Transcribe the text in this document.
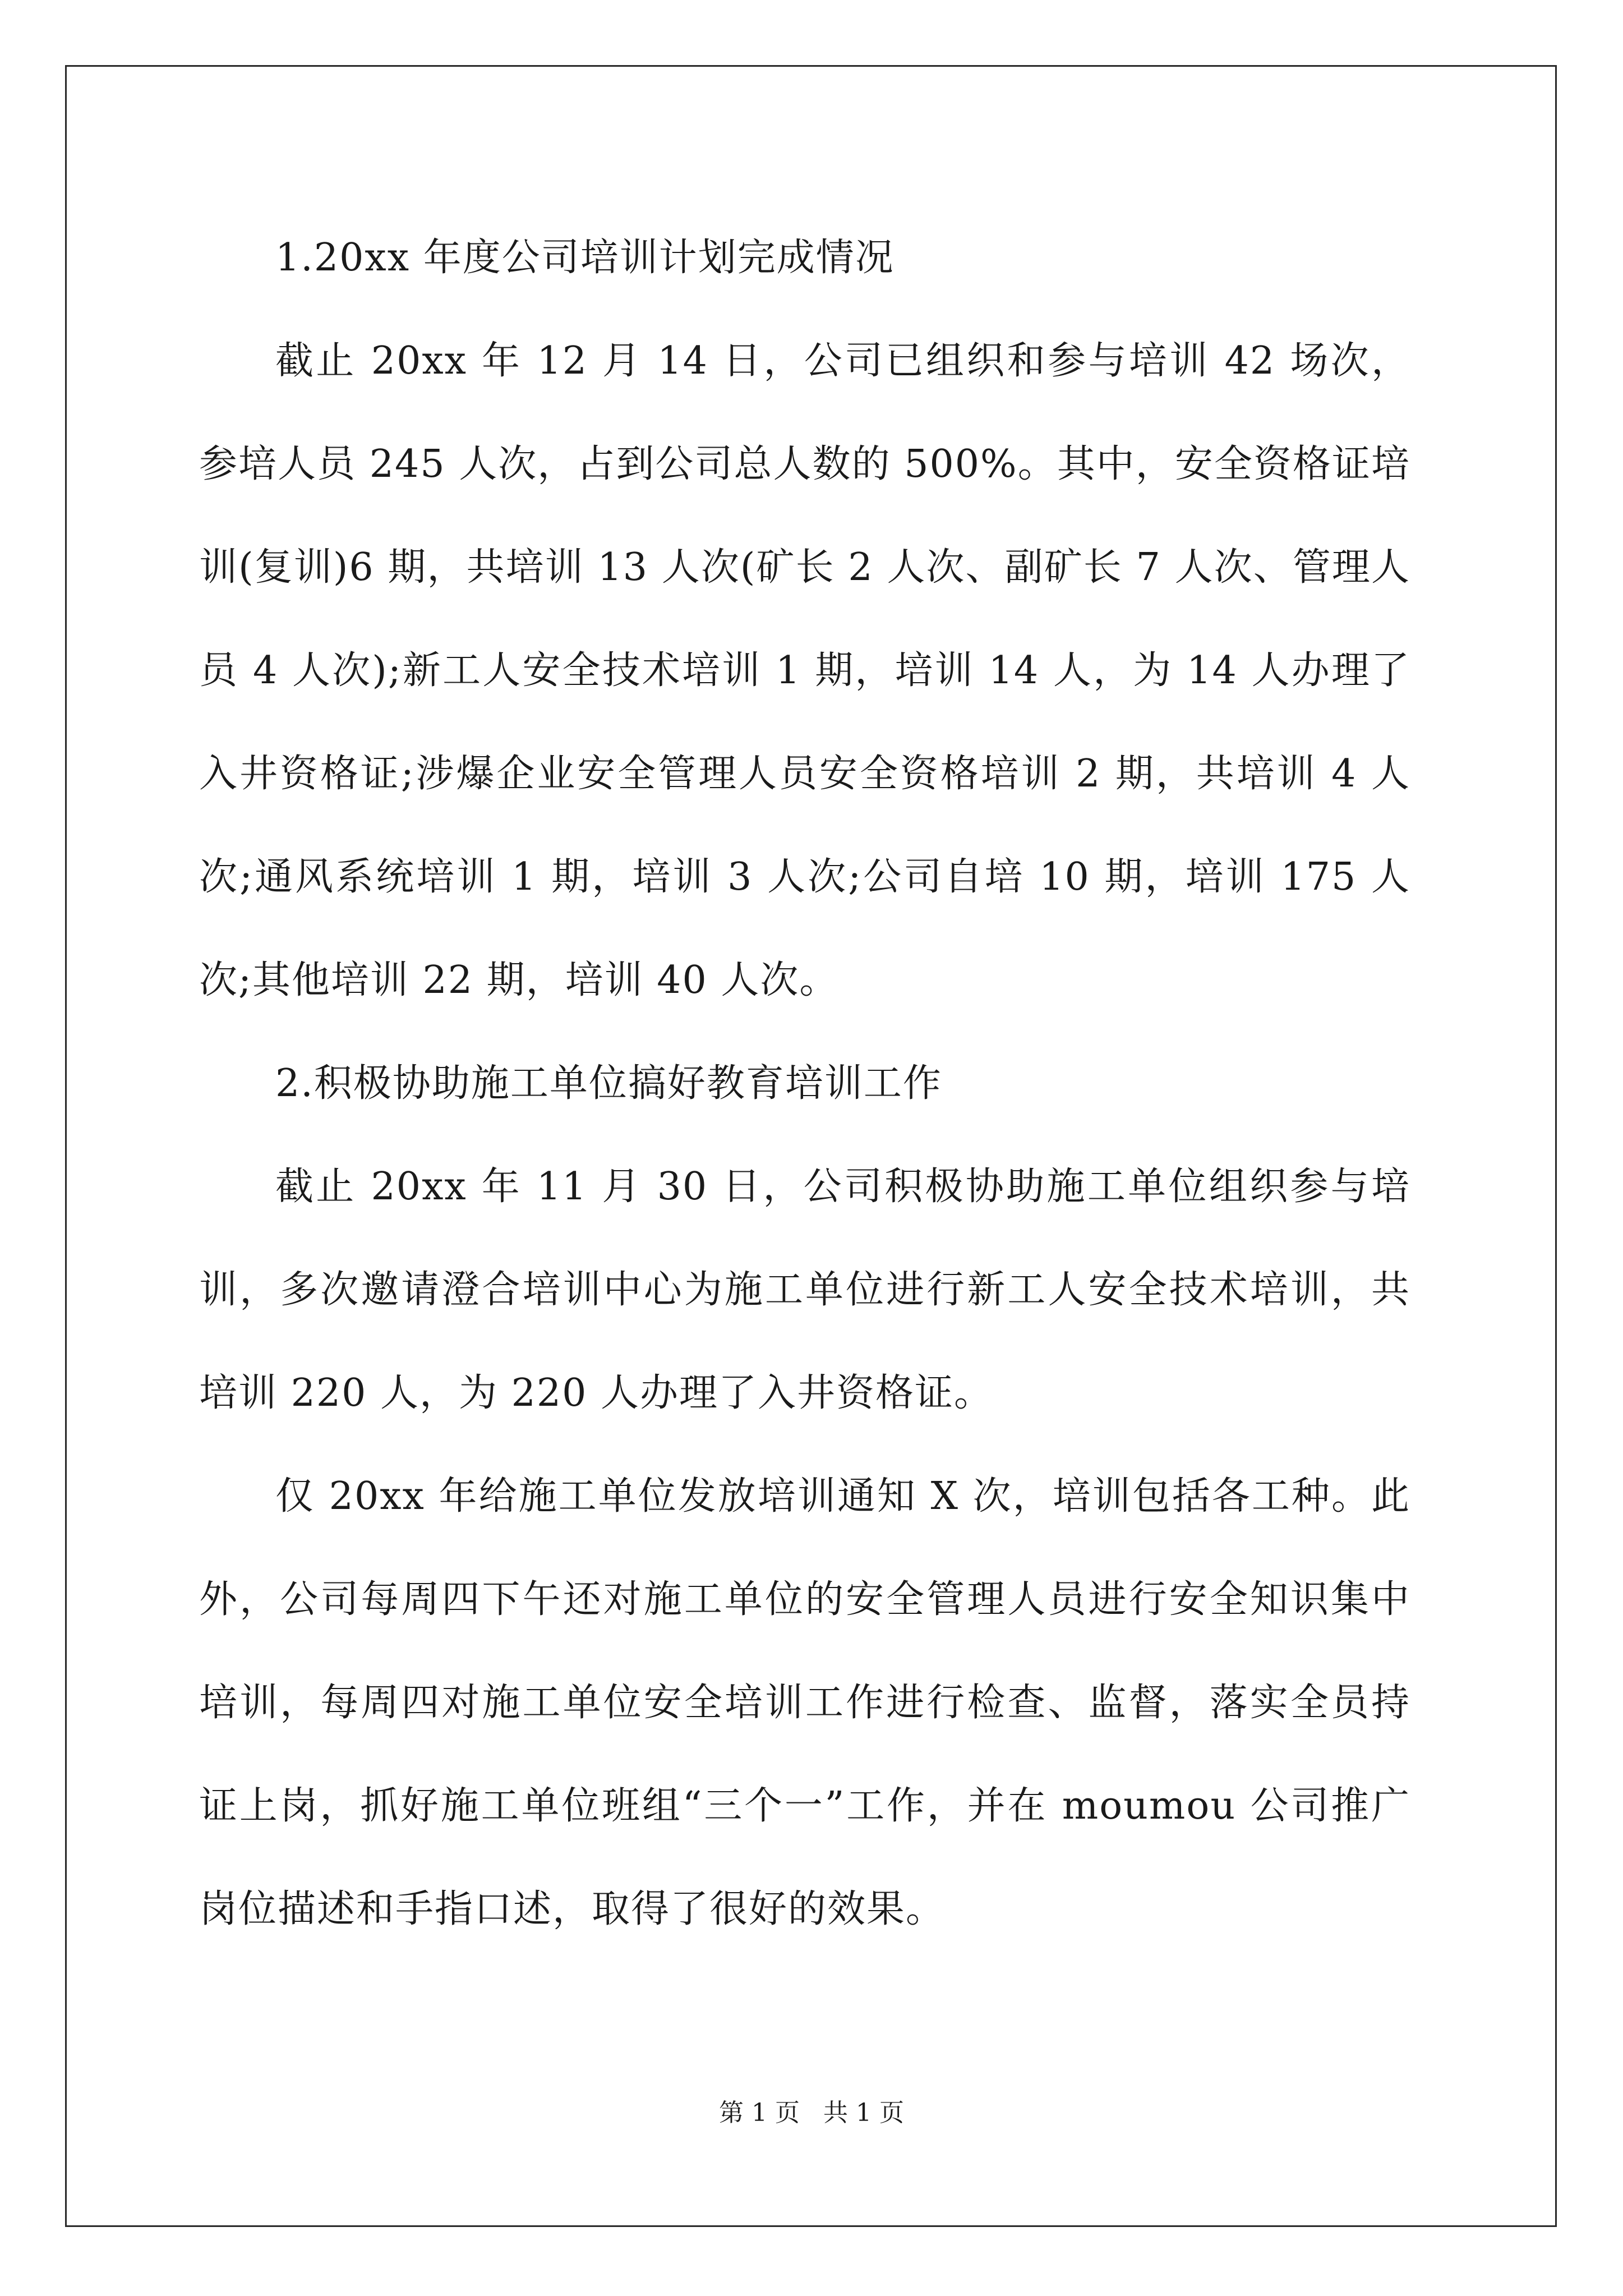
1.20xx 年度公司培训计划完成情况

截止 20xx 年 12 月 14 日，公司已组织和参与培训 42 场次，参培人员 245 人次，占到公司总人数的 500%。其中，安全资格证培训(复训)6 期，共培训 13 人次(矿长 2 人次、副矿长 7 人次、管理人员 4 人次);新工人安全技术培训 1 期，培训 14 人，为 14 人办理了入井资格证;涉爆企业安全管理人员安全资格培训 2 期，共培训 4 人次;通风系统培训 1 期，培训 3 人次;公司自培 10 期，培训 175 人次;其他培训 22 期，培训 40 人次。

2.积极协助施工单位搞好教育培训工作

截止 20xx 年 11 月 30 日，公司积极协助施工单位组织参与培训，多次邀请澄合培训中心为施工单位进行新工人安全技术培训，共培训 220 人，为 220 人办理了入井资格证。

仅 20xx 年给施工单位发放培训通知 X 次，培训包括各工种。此外，公司每周四下午还对施工单位的安全管理人员进行安全知识集中培训，每周四对施工单位安全培训工作进行检查、监督，落实全员持证上岗，抓好施工单位班组“三个一”工作，并在 moumou 公司推广岗位描述和手指口述，取得了很好的效果。

第 1 页 共 1 页
